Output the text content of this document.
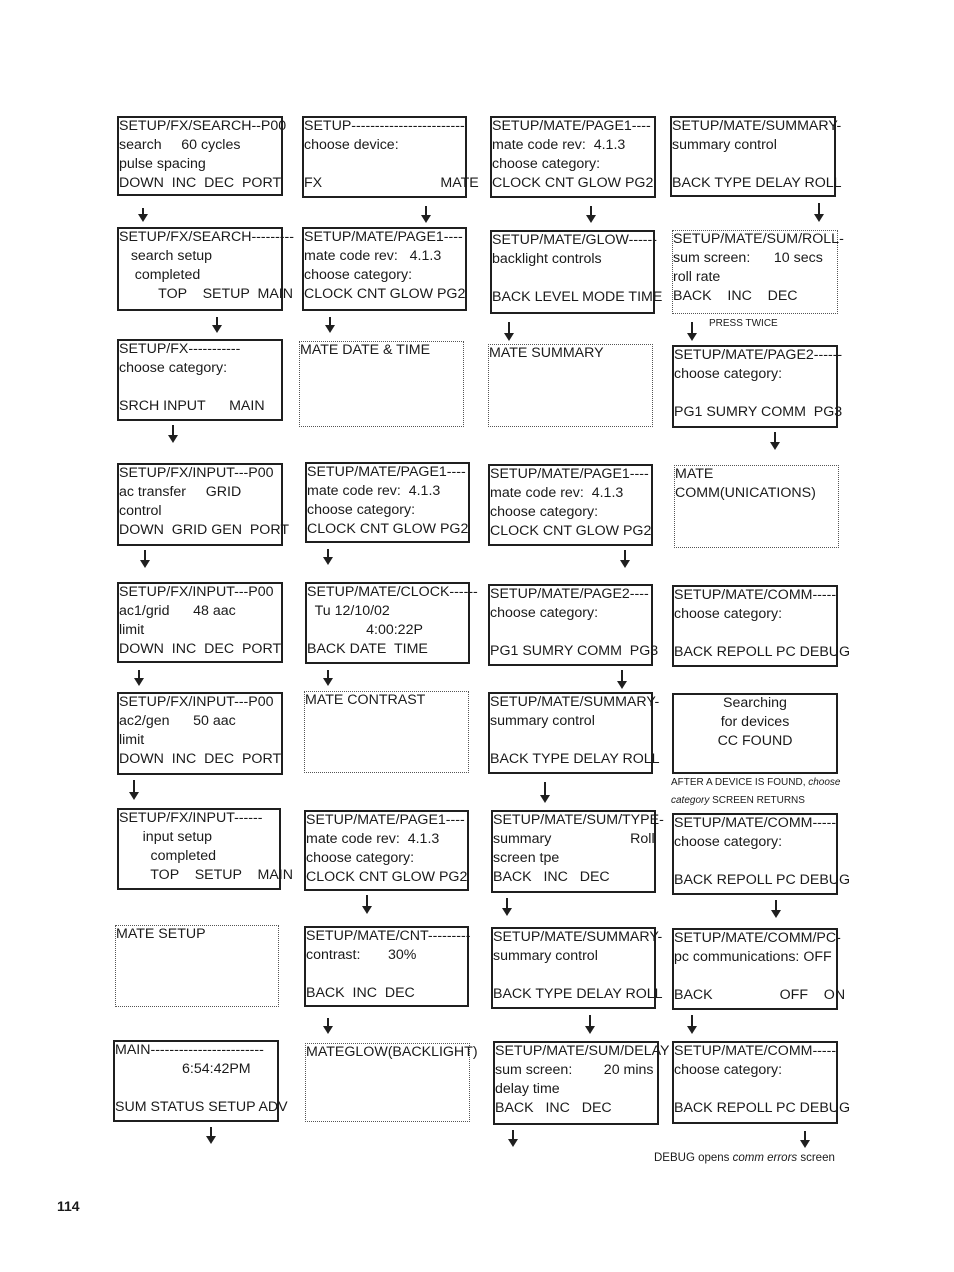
SETUP/FX/SEARCH--P00
search     60 cycles
pulse spacing
DOWN  INC  DEC  PORT
SETUP/FX/SEARCH---------
search setup
completed
TOP    SETUP  MAIN
SETUP/FX-----------
choose category:
SRCH INPUT      MAIN
SETUP/FX/INPUT---P00
ac transfer     GRID
control
DOWN  GRID GEN  PORT
SETUP/FX/INPUT---P00
ac1/grid      48 aac
limit
DOWN  INC  DEC  PORT
SETUP/FX/INPUT---P00
ac2/gen      50 aac
limit
DOWN  INC  DEC  PORT
SETUP/FX/INPUT------
input setup
completed
TOP    SETUP    MAIN
MATE SETUP
MAIN------------------------
6:54:42PM
SUM STATUS SETUP ADV
SETUP------------------------
choose device:
FX                              MATE
SETUP/MATE/PAGE1----
mate code rev:   4.1.3
choose category:
CLOCK CNT GLOW PG2
MATE DATE & TIME
SETUP/MATE/PAGE1----
mate code rev:  4.1.3
choose category:
CLOCK CNT GLOW PG2
SETUP/MATE/CLOCK------
Tu 12/10/02
4:00:22P
BACK DATE  TIME
MATE CONTRAST
SETUP/MATE/PAGE1----
mate code rev:  4.1.3
choose category:
CLOCK CNT GLOW PG2
SETUP/MATE/CNT---------
contrast:       30%
BACK  INC  DEC
MATEGLOW(BACKLIGHT)
SETUP/MATE/PAGE1----
mate code rev:  4.1.3
choose category:
CLOCK CNT GLOW PG2
SETUP/MATE/GLOW------
backlight controls
BACK LEVEL MODE TIME
MATE SUMMARY
SETUP/MATE/PAGE1----
mate code rev:  4.1.3
choose category:
CLOCK CNT GLOW PG2
SETUP/MATE/PAGE2----
choose category:
PG1 SUMRY COMM  PG3
SETUP/MATE/SUMMARY-
summary control
BACK TYPE DELAY ROLL
SETUP/MATE/SUM/TYPE-
summary                    Roll
screen tpe
BACK   INC   DEC
SETUP/MATE/SUMMARY-
summary control
BACK TYPE DELAY ROLL
SETUP/MATE/SUM/DELAY
sum screen:        20 mins
delay time
BACK   INC   DEC
SETUP/MATE/SUMMARY-
summary control
BACK TYPE DELAY ROLL
SETUP/MATE/SUM/ROLL-
sum screen:      10 secs
roll rate
BACK    INC    DEC
SETUP/MATE/PAGE2------
choose category:
PG1 SUMRY COMM  PG3
MATE
COMM(UNICATIONS)
SETUP/MATE/COMM-----
choose category:
BACK REPOLL PC DEBUG
Searching
for devices
CC FOUND
SETUP/MATE/COMM-----
choose category:
BACK REPOLL PC DEBUG
SETUP/MATE/COMM/PC-
pc communications: OFF
BACK                 OFF    ON
SETUP/MATE/COMM-----
choose category:
BACK REPOLL PC DEBUG
PRESS TWICE
AFTER A DEVICE IS FOUND, choose
category SCREEN RETURNS
DEBUG opens comm errors screen
114
